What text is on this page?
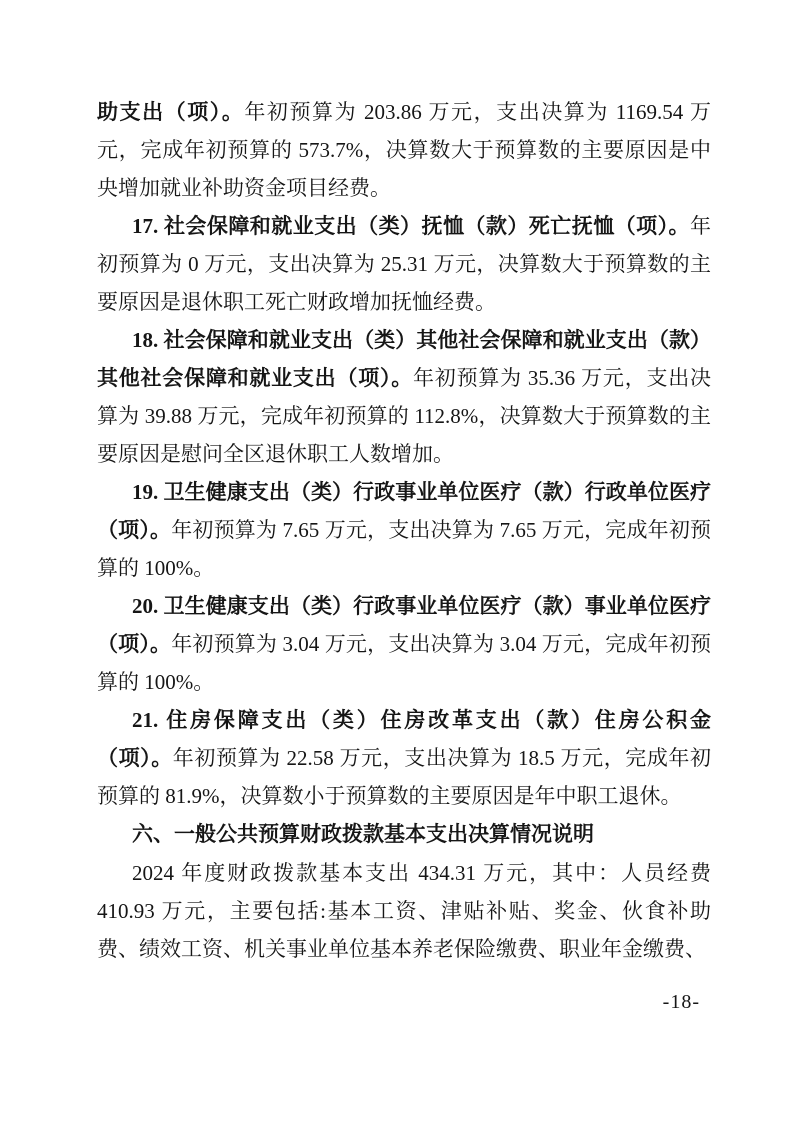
助支出（项）。年初预算为 203.86 万元，支出决算为 1169.54 万元，完成年初预算的 573.7%，决算数大于预算数的主要原因是中央增加就业补助资金项目经费。

17. 社会保障和就业支出（类）抚恤（款）死亡抚恤（项）。年初预算为 0 万元，支出决算为 25.31 万元，决算数大于预算数的主要原因是退休职工死亡财政增加抚恤经费。

18. 社会保障和就业支出（类）其他社会保障和就业支出（款）其他社会保障和就业支出（项）。年初预算为 35.36 万元，支出决算为 39.88 万元，完成年初预算的 112.8%，决算数大于预算数的主要原因是慰问全区退休职工人数增加。

19. 卫生健康支出（类）行政事业单位医疗（款）行政单位医疗（项）。年初预算为 7.65 万元，支出决算为 7.65 万元，完成年初预算的 100%。

20. 卫生健康支出（类）行政事业单位医疗（款）事业单位医疗（项）。年初预算为 3.04 万元，支出决算为 3.04 万元，完成年初预算的 100%。

21. 住房保障支出（类）住房改革支出（款）住房公积金（项）。年初预算为 22.58 万元，支出决算为 18.5 万元，完成年初预算的 81.9%，决算数小于预算数的主要原因是年中职工退休。

六、一般公共预算财政拨款基本支出决算情况说明

2024 年度财政拨款基本支出 434.31 万元，其中：人员经费 410.93 万元，主要包括:基本工资、津贴补贴、奖金、伙食补助费、绩效工资、机关事业单位基本养老保险缴费、职业年金缴费、

-18-
